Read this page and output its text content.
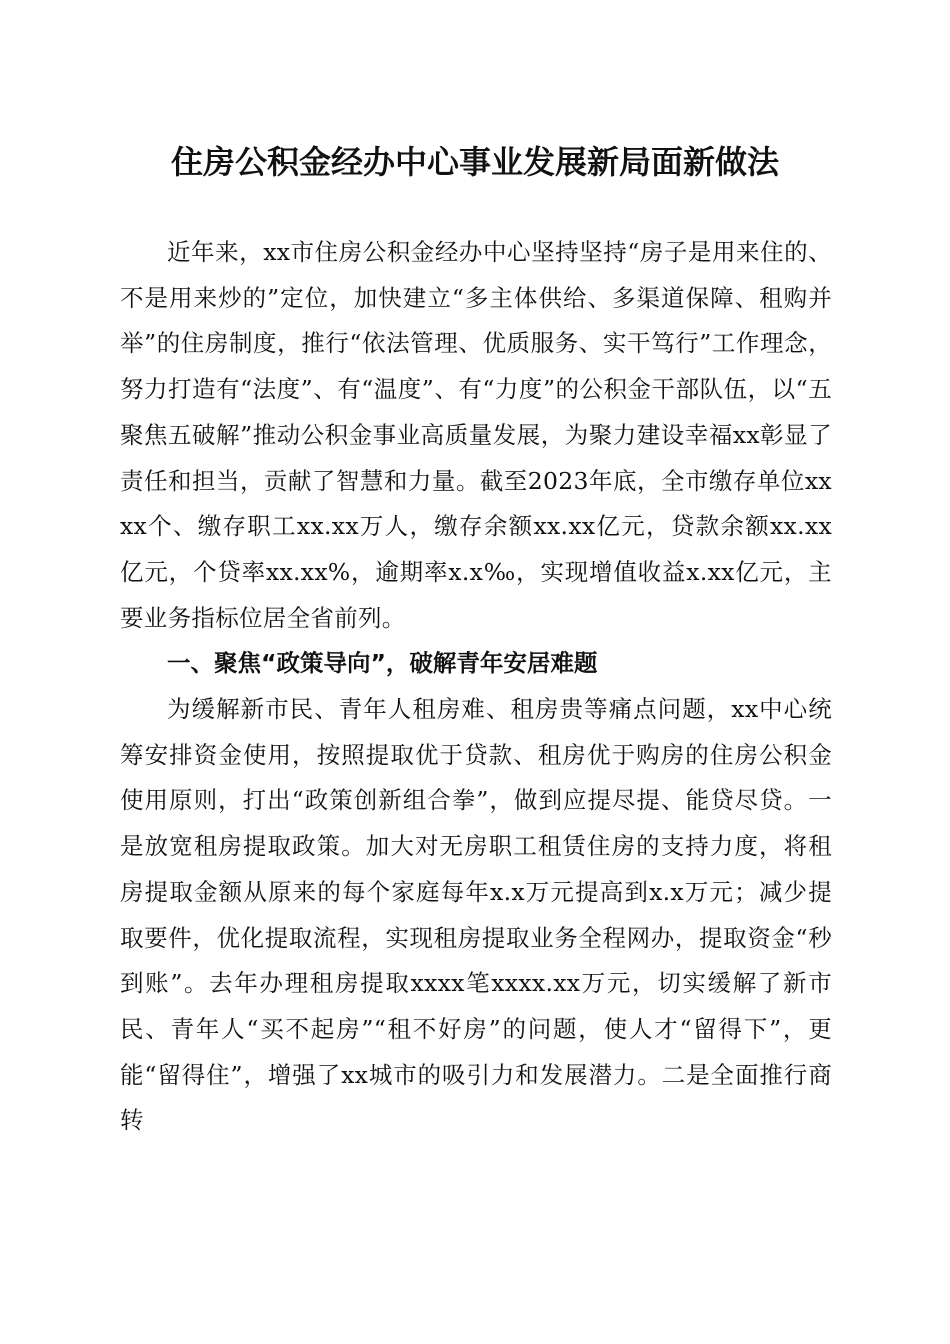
住房公积金经办中心事业发展新局面新做法

近年来，xx市住房公积金经办中心坚持坚持“房子是用来住的、不是用来炒的”定位，加快建立“多主体供给、多渠道保障、租购并举”的住房制度，推行“依法管理、优质服务、实干笃行”工作理念，努力打造有“法度”、有“温度”、有“力度”的公积金干部队伍，以“五聚焦五破解”推动公积金事业高质量发展，为聚力建设幸福xx彰显了责任和担当，贡献了智慧和力量。截至2023年底，全市缴存单位xxxx个、缴存职工xx.xx万人，缴存余额xx.xx亿元，贷款余额xx.xx亿元，个贷率xx.xx%，逾期率x.x‰，实现增值收益x.xx亿元，主要业务指标位居全省前列。

一、聚焦“政策导向”，破解青年安居难题

为缓解新市民、青年人租房难、租房贵等痛点问题，xx中心统筹安排资金使用，按照提取优于贷款、租房优于购房的住房公积金使用原则，打出“政策创新组合拳”，做到应提尽提、能贷尽贷。一是放宽租房提取政策。加大对无房职工租赁住房的支持力度，将租房提取金额从原来的每个家庭每年x.x万元提高到x.x万元；减少提取要件，优化提取流程，实现租房提取业务全程网办，提取资金“秒到账”。去年办理租房提取xxxx笔xxxx.xx万元，切实缓解了新市民、青年人“买不起房”“租不好房”的问题，使人才“留得下”，更能“留得住”，增强了xx城市的吸引力和发展潜力。二是全面推行商转
